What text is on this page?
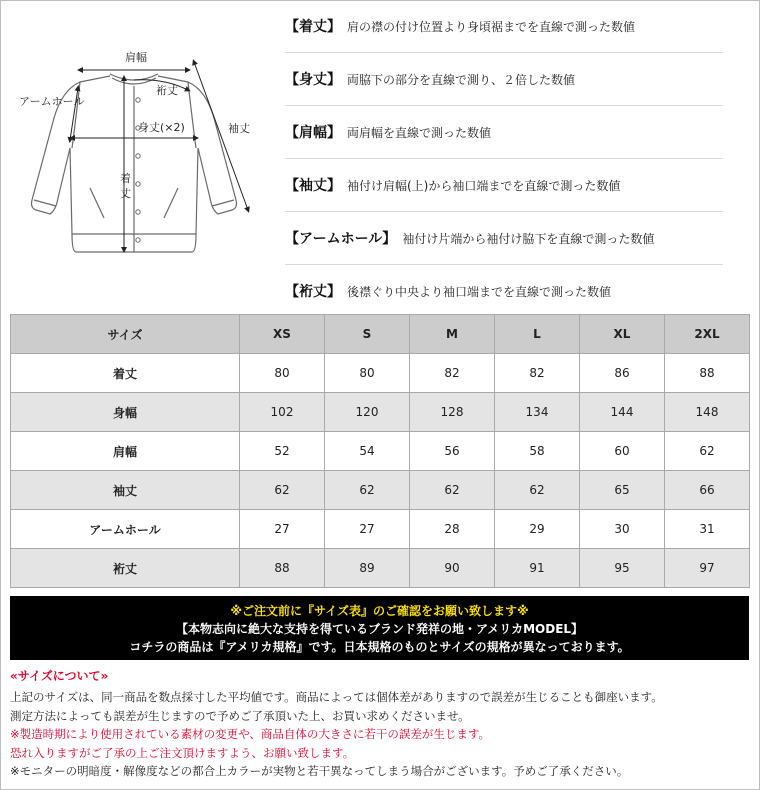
肩幅
アームホール
裄丈
袖丈
身丈(×2)
着
丈
【着丈】 肩の襟の付け位置より身頃裾までを直線で測った数値
【身丈】 両脇下の部分を直線で測り、２倍した数値
【肩幅】 両肩幅を直線で測った数値
【袖丈】 袖付け肩幅(上)から袖口端までを直線で測った数値
【アームホール】 袖付け片端から袖付け脇下を直線で測った数値
【裄丈】 後襟ぐり中央より袖口端までを直線で測った数値
サイズ	XS	S	M	L	XL	2XL
着丈	80	80	82	82	86	88
身幅	102	120	128	134	144	148
肩幅	52	54	56	58	60	62
袖丈	62	62	62	62	65	66
アームホール	27	27	28	29	30	31
裄丈	88	89	90	91	95	97
※ご注文前に『サイズ表』のご確認をお願い致します※
【本物志向に絶大な支持を得ているブランド発祥の地・アメリカMODEL】
コチラの商品は『アメリカ規格』です。日本規格のものとサイズの規格が異なっております。
«サイズについて»
上記のサイズは、同一商品を数点採寸した平均値です。商品によっては個体差がありますので誤差が生じることも御座います。
測定方法によっても誤差が生じますので予めご了承頂いた上、お買い求めくださいませ。
※製造時期により使用されている素材の変更や、商品自体の大きさに若干の誤差が生じます。
恐れ入りますがご了承の上ご注文頂けますよう、お願い致します。
※モニターの明暗度・解像度などの都合上カラーが実物と若干異なってしまう場合がございます。予めご了承ください。
